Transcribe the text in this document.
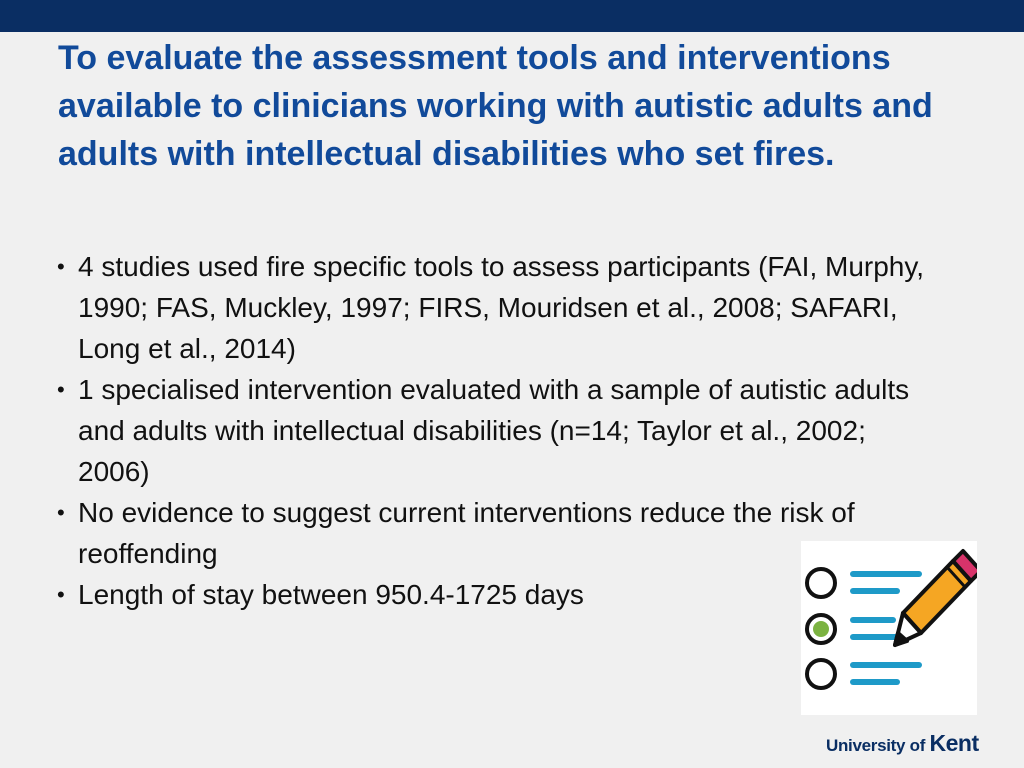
To evaluate the assessment tools and interventions available to clinicians working with autistic adults and adults with intellectual disabilities who set fires.
• 4 studies used fire specific tools to assess participants (FAI, Murphy, 1990; FAS, Muckley, 1997; FIRS, Mouridsen et al., 2008; SAFARI, Long et al., 2014)
• 1 specialised intervention evaluated with a sample of autistic adults and adults with intellectual disabilities (n=14; Taylor et al., 2002; 2006)
• No evidence to suggest current interventions reduce the risk of reoffending
• Length of stay between 950.4-1725 days
University of Kent
